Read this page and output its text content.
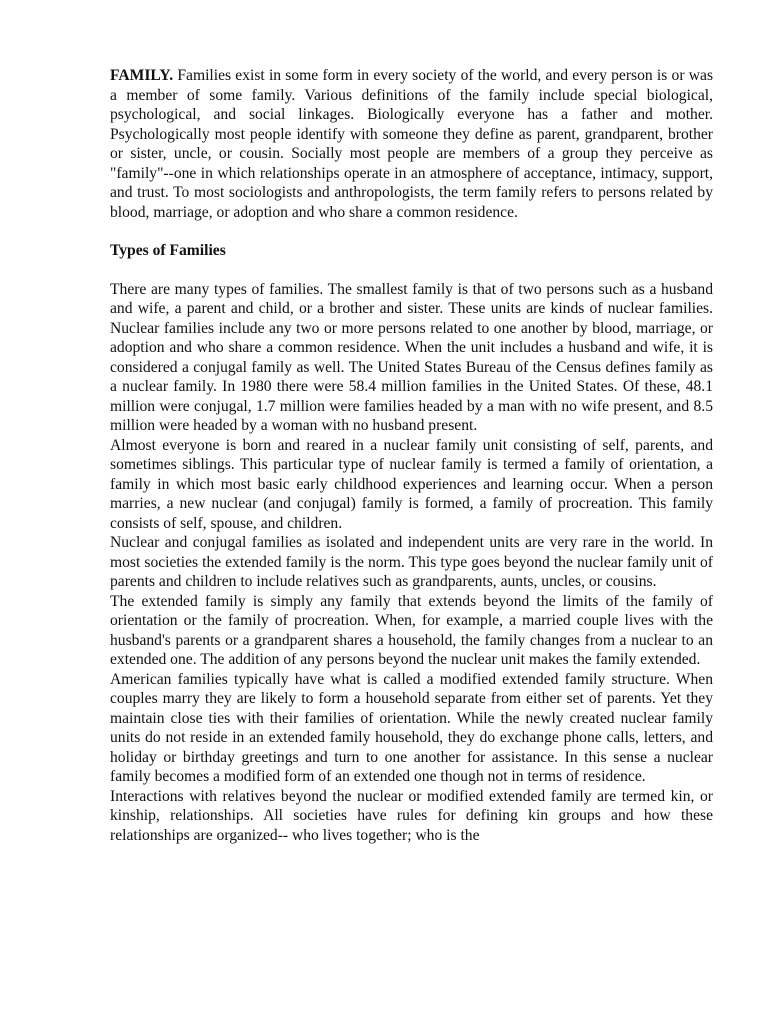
FAMILY. Families exist in some form in every society of the world, and every person is or was a member of some family. Various definitions of the family include special biological, psychological, and social linkages. Biologically everyone has a father and mother. Psychologically most people identify with someone they define as parent, grandparent, brother or sister, uncle, or cousin. Socially most people are members of a group they perceive as "family"--one in which relationships operate in an atmosphere of acceptance, intimacy, support, and trust. To most sociologists and anthropologists, the term family refers to persons related by blood, marriage, or adoption and who share a common residence.

Types of Families

There are many types of families. The smallest family is that of two persons such as a husband and wife, a parent and child, or a brother and sister. These units are kinds of nuclear families. Nuclear families include any two or more persons related to one another by blood, marriage, or adoption and who share a common residence. When the unit includes a husband and wife, it is considered a conjugal family as well. The United States Bureau of the Census defines family as a nuclear family. In 1980 there were 58.4 million families in the United States. Of these, 48.1 million were conjugal, 1.7 million were families headed by a man with no wife present, and 8.5 million were headed by a woman with no husband present.

Almost everyone is born and reared in a nuclear family unit consisting of self, parents, and sometimes siblings. This particular type of nuclear family is termed a family of orientation, a family in which most basic early childhood experiences and learning occur. When a person marries, a new nuclear (and conjugal) family is formed, a family of procreation. This family consists of self, spouse, and children.

Nuclear and conjugal families as isolated and independent units are very rare in the world. In most societies the extended family is the norm. This type goes beyond the nuclear family unit of parents and children to include relatives such as grandparents, aunts, uncles, or cousins.

The extended family is simply any family that extends beyond the limits of the family of orientation or the family of procreation. When, for example, a married couple lives with the husband's parents or a grandparent shares a household, the family changes from a nuclear to an extended one. The addition of any persons beyond the nuclear unit makes the family extended.

American families typically have what is called a modified extended family structure. When couples marry they are likely to form a household separate from either set of parents. Yet they maintain close ties with their families of orientation. While the newly created nuclear family units do not reside in an extended family household, they do exchange phone calls, letters, and holiday or birthday greetings and turn to one another for assistance. In this sense a nuclear family becomes a modified form of an extended one though not in terms of residence.

Interactions with relatives beyond the nuclear or modified extended family are termed kin, or kinship, relationships. All societies have rules for defining kin groups and how these relationships are organized-- who lives together; who is the
